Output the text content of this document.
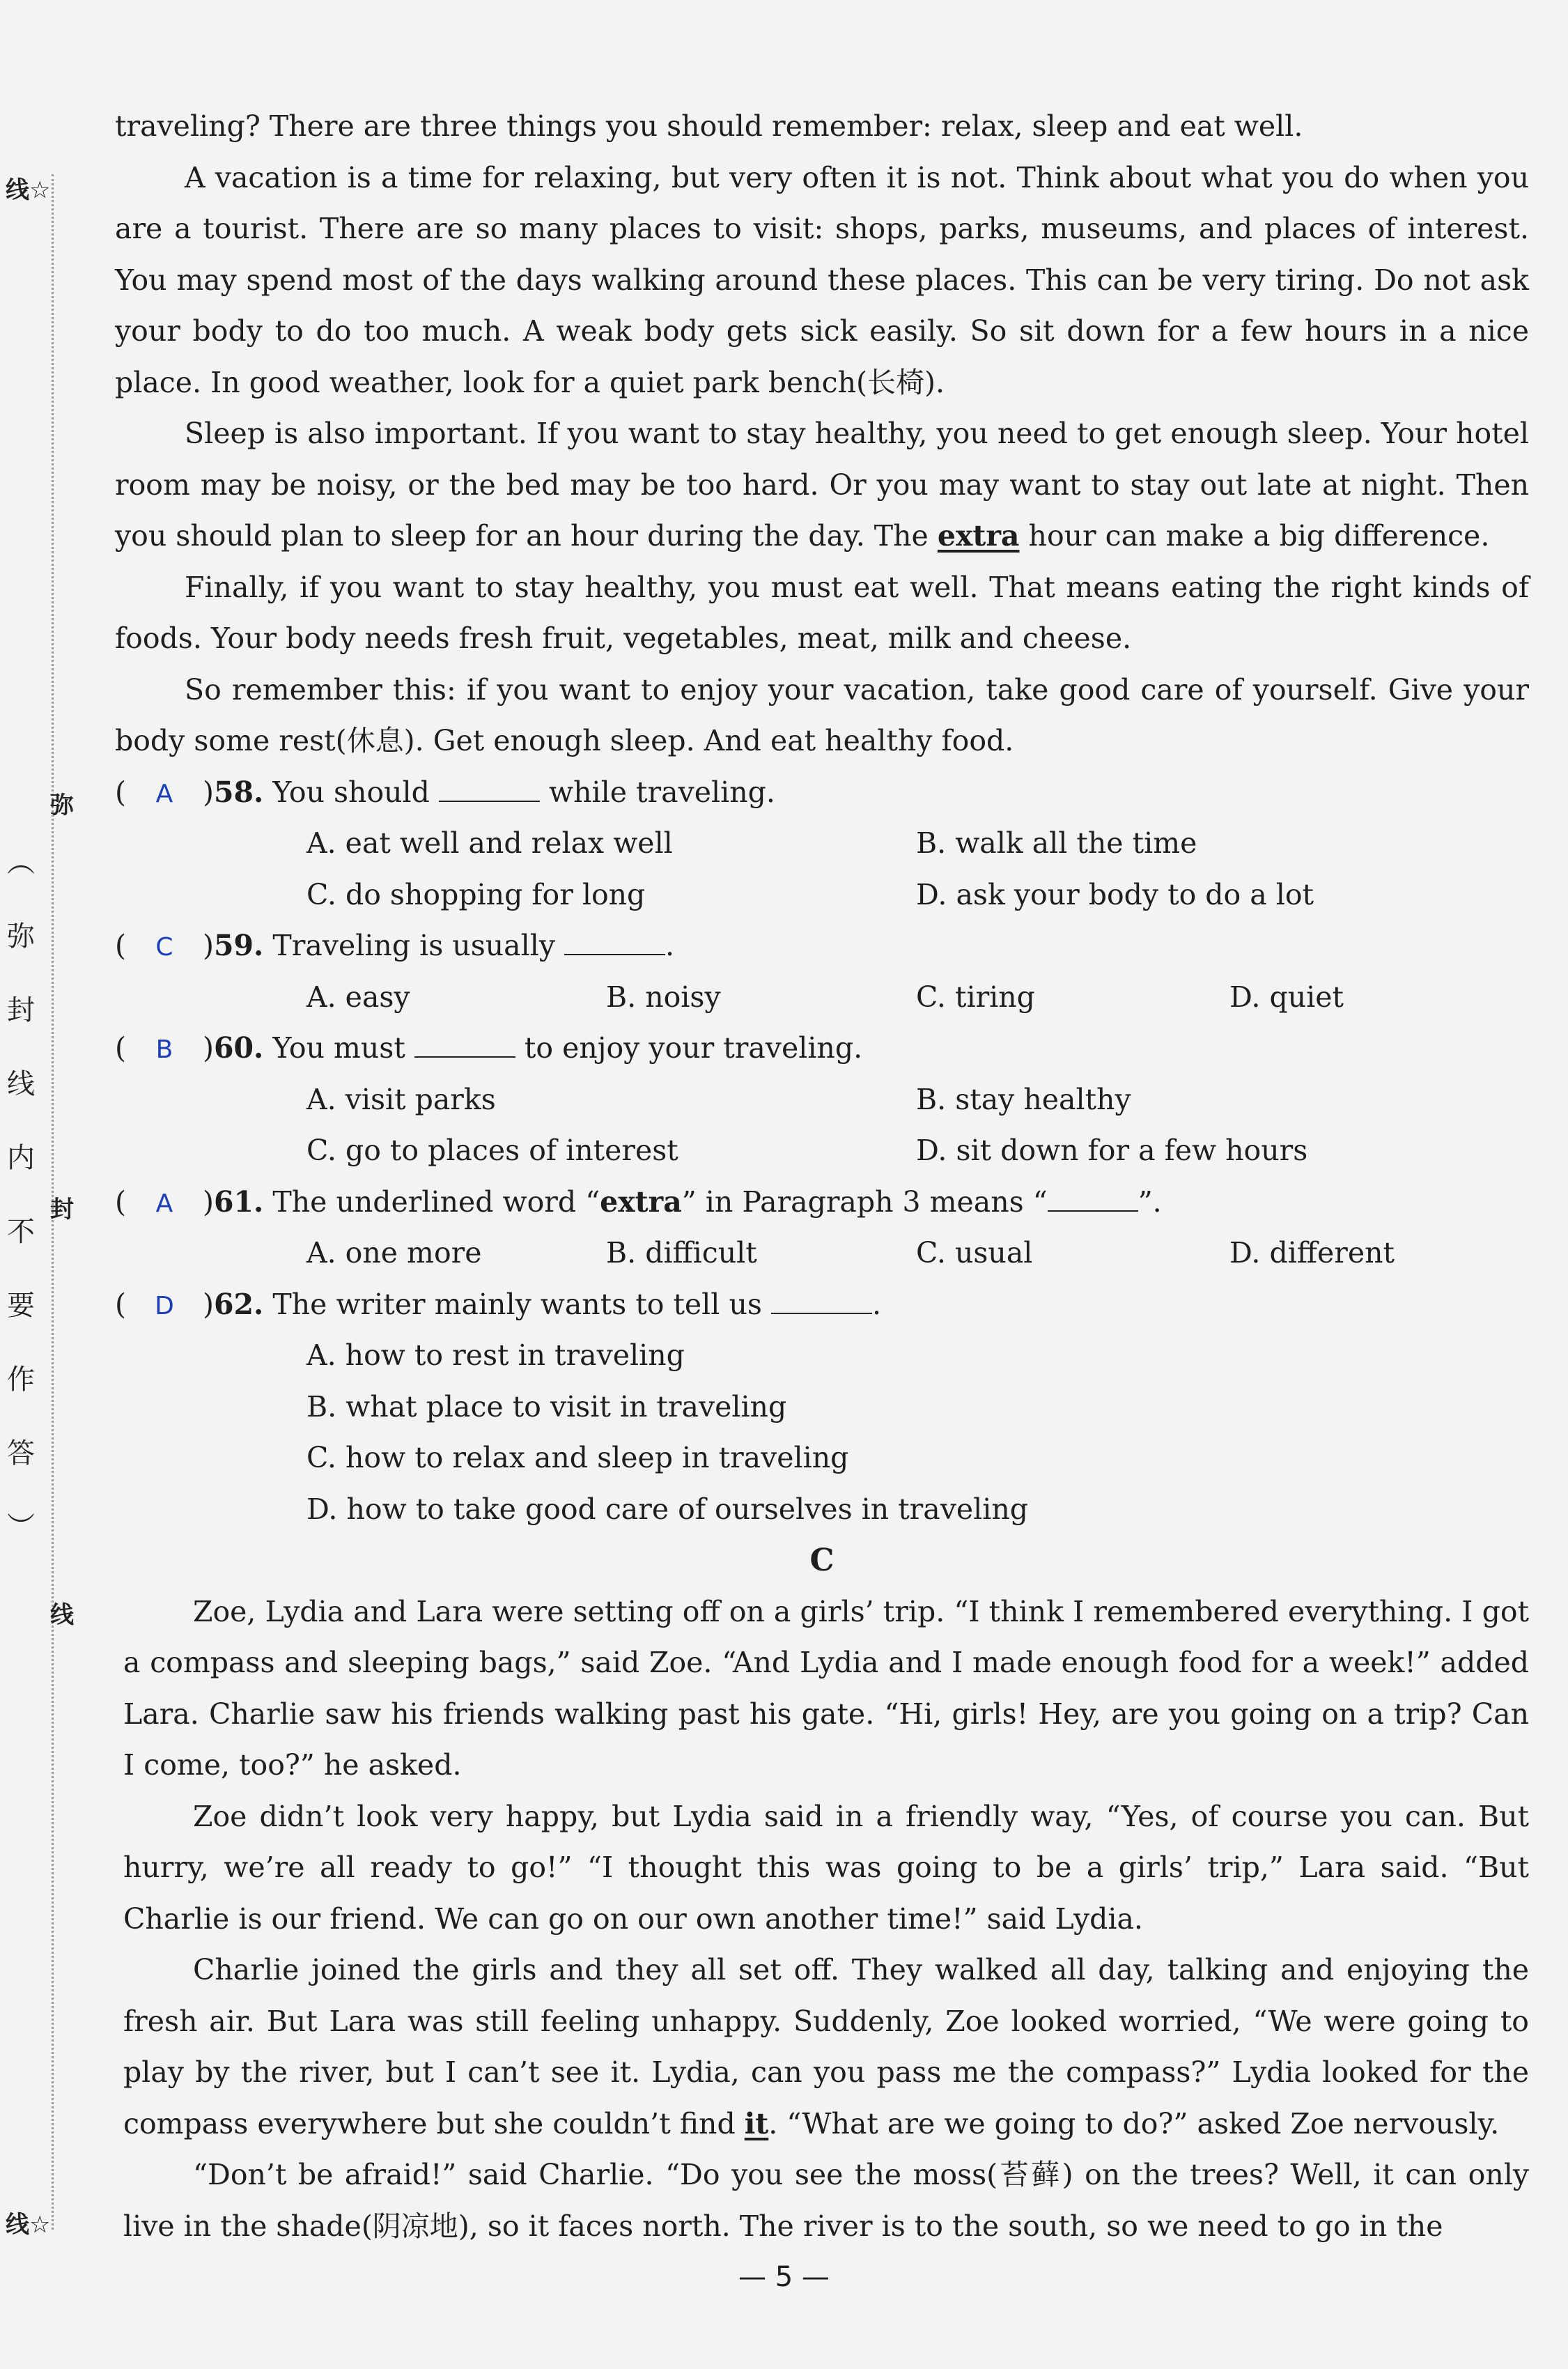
线☆
弥
︵
弥
封
线
内
不
要
作
答
︶
封
线
线☆

traveling? There are three things you should remember: relax, sleep and eat well.

A vacation is a time for relaxing, but very often it is not. Think about what you do when you are a tourist. There are so many places to visit: shops, parks, museums, and places of interest. You may spend most of the days walking around these places. This can be very tiring. Do not ask your body to do too much. A weak body gets sick easily. So sit down for a few hours in a nice place. In good weather, look for a quiet park bench(长椅).

Sleep is also important. If you want to stay healthy, you need to get enough sleep. Your hotel room may be noisy, or the bed may be too hard. Or you may want to stay out late at night. Then you should plan to sleep for an hour during the day. The extra hour can make a big difference.

Finally, if you want to stay healthy, you must eat well. That means eating the right kinds of foods. Your body needs fresh fruit, vegetables, meat, milk and cheese.

So remember this: if you want to enjoy your vacation, take good care of yourself. Give your body some rest(休息). Get enough sleep. And eat healthy food.

(	A	) 58.
You should

	while traveling.
A. eat well and relax well	B. walk all the time
C. do shopping for long	D. ask your body to do a lot
(	C	) 59.
Traveling is usually
	.
A. easy	B. noisy	C. tiring	D. quiet
(	B	) 60.
You must

	to enjoy your traveling.
A. visit parks	B. stay healthy
C. go to places of interest	D. sit down for a few hours
(	A	) 61.
The underlined word “ extra ” in Paragraph 3 means “	”.
A. one more	B. difficult	C. usual	D. different
(	D	) 62.
The writer mainly wants to tell us
	.
A. how to rest in traveling
B. what place to visit in traveling
C. how to relax and sleep in traveling
D. how to take good care of ourselves in traveling
C

Zoe, Lydia and Lara were setting off on a girls’ trip. “I think I remembered everything. I got a compass and sleeping bags,” said Zoe. “And Lydia and I made enough food for a week!” added Lara. Charlie saw his friends walking past his gate. “Hi, girls! Hey, are you going on a trip? Can I come, too?” he asked.

Zoe didn’t look very happy, but Lydia said in a friendly way, “Yes, of course you can. But hurry, we’re all ready to go!” “I thought this was going to be a girls’ trip,” Lara said. “But Charlie is our friend. We can go on our own another time!” said Lydia.

Charlie joined the girls and they all set off. They walked all day, talking and enjoying the fresh air. But Lara was still feeling unhappy. Suddenly, Zoe looked worried, “We were going to play by the river, but I can’t see it. Lydia, can you pass me the compass?” Lydia looked for the compass everywhere but she couldn’t find it. “What are we going to do?” asked Zoe nervously.

“Don’t be afraid!” said Charlie. “Do you see the moss(苔藓) on the trees? Well, it can only live in the shade(阴凉地), so it faces north. The river is to the south, so we need to go in the

— 5 —
